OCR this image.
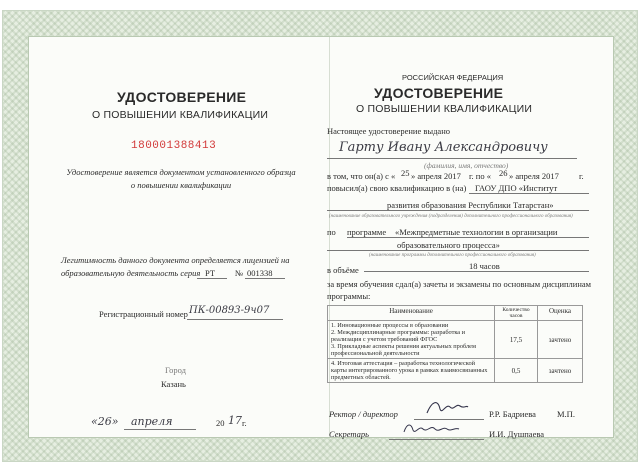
УДОСТОВЕРЕНИЕ
О ПОВЫШЕНИИ КВАЛИФИКАЦИИ
180001388413
Удостоверение является документом установленного образца
о повышении квалификации
Легитимность данного документа определяется лицензией на
образовательную деятельность серия РТ № 001338
Регистрационный номер ПК-00893-9ч07
Город
Казань
«26» апреля	20 17 г.
РОССИЙСКАЯ ФЕДЕРАЦИЯ
УДОСТОВЕРЕНИЕ
О ПОВЫШЕНИИ КВАЛИФИКАЦИИ
Настоящее удостоверение выдано
Гарту Ивану Александровичу
(фамилия, имя, отчество)
в том, что он(а) с « 25 » апреля 2017 г. по « 26 » апреля 2017 г.
повысил(а) свою квалификацию в (на) ГАОУ ДПО «Институт
развития образования Республики Татарстан»
(наименование образовательного учреждения (подразделения) дополнительного профессионального образования)
по программе «Межпредметные технологии в организации
образовательного процесса»
(наименование программы дополнительного профессионального образования)
в объёме	18 часов
за время обучения сдал(а) зачеты и экзамены по основным дисциплинам
программы:
Наименование	Количество часов	Оценка
1. Инновационные процессы в образовании
2. Междисциплинарные программы: разработка и реализация с учетом требований ФГОС
3. Прикладные аспекты решения актуальных проблем профессиональной деятельности	17,5	зачтено
4. Итоговая аттестация – разработка технологической карты интегрированного урока в рамках взаимосвязанных предметных областей.	0,5	зачтено
Ректор / директор	Р.Р. Бадриева М.П.
Секретарь	И.И. Душпаева
